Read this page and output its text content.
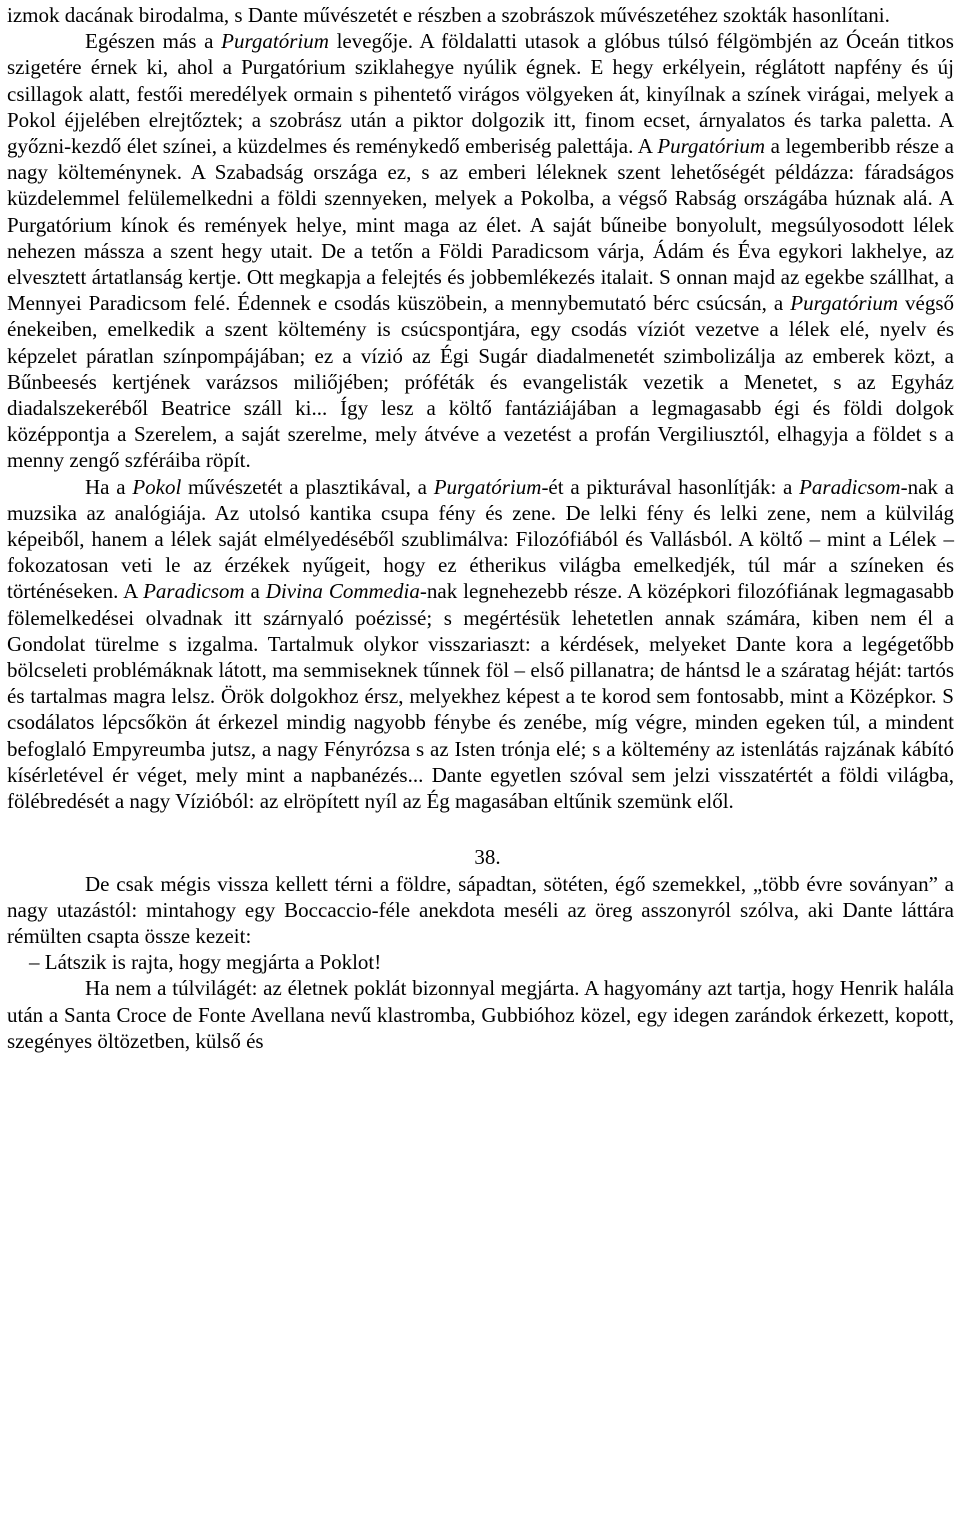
izmok dacának birodalma, s Dante művészetét e részben a szobrászok művészetéhez szokták hasonlítani.

Egészen más a Purgatórium levegője. A földalatti utasok a glóbus túlsó félgömbjén az Óceán titkos szigetére érnek ki, ahol a Purgatórium sziklahegye nyúlik égnek. E hegy erkélyein, réglátott napfény és új csillagok alatt, festői meredélyek ormain s pihentető virágos völgyeken át, kinyílnak a színek virágai, melyek a Pokol éjjelében elrejtőztek; a szobrász után a piktor dolgozik itt, finom ecset, árnyalatos és tarka paletta. A győzni-kezdő élet színei, a küzdelmes és reménykedő emberiség palettája. A Purgatórium a legemberibb része a nagy költeménynek. A Szabadság országa ez, s az emberi léleknek szent lehetőségét példázza: fáradságos küzdelemmel felülemelkedni a földi szennyeken, melyek a Pokolba, a végső Rabság országába húznak alá. A Purgatórium kínok és remények helye, mint maga az élet. A saját bűneibe bonyolult, megsúlyosodott lélek nehezen mássza a szent hegy utait. De a tetőn a Földi Paradicsom várja, Ádám és Éva egykori lakhelye, az elvesztett ártatlanság kertje. Ott megkapja a felejtés és jobbemlékezés italait. S onnan majd az egekbe szállhat, a Mennyei Paradicsom felé. Édennek e csodás küszöbein, a mennybemutató bérc csúcsán, a Purgatórium végső énekeiben, emelkedik a szent költemény is csúcspontjára, egy csodás víziót vezetve a lélek elé, nyelv és képzelet páratlan színpompájában; ez a vízió az Égi Sugár diadalmenetét szimbolizálja az emberek közt, a Bűnbeesés kertjének varázsos miliőjében; próféták és evangelisták vezetik a Menetet, s az Egyház diadalszekeréből Beatrice száll ki... Így lesz a költő fantáziájában a legmagasabb égi és földi dolgok középpontja a Szerelem, a saját szerelme, mely átvéve a vezetést a profán Vergiliusztól, elhagyja a földet s a menny zengő szféráiba röpít.

Ha a Pokol művészetét a plasztikával, a Purgatórium-ét a pikturával hasonlítják: a Paradicsom-nak a muzsika az analógiája. Az utolsó kantika csupa fény és zene. De lelki fény és lelki zene, nem a külvilág képeiből, hanem a lélek saját elmélyedéséből szublimálva: Filozófiából és Vallásból. A költő – mint a Lélek – fokozatosan veti le az érzékek nyűgeit, hogy ez étherikus világba emelkedjék, túl már a színeken és történéseken. A Paradicsom a Divina Commedia-nak legnehezebb része. A középkori filozófiának legmagasabb fölemelkedései olvadnak itt szárnyaló poézissé; s megértésük lehetetlen annak számára, kiben nem él a Gondolat türelme s izgalma. Tartalmuk olykor visszariaszt: a kérdések, melyeket Dante kora a legégetőbb bölcseleti problémáknak látott, ma semmiseknek tűnnek föl – első pillanatra; de hántsd le a száratag héját: tartós és tartalmas magra lelsz. Örök dolgokhoz érsz, melyekhez képest a te korod sem fontosabb, mint a Középkor. S csodálatos lépcsőkön át érkezel mindig nagyobb fénybe és zenébe, míg végre, minden egeken túl, a mindent befoglaló Empyreumba jutsz, a nagy Fényrózsa s az Isten trónja elé; s a költemény az istenlátás rajzának kábító kísérletével ér véget, mely mint a napbanézés... Dante egyetlen szóval sem jelzi visszatértét a földi világba, fölébredését a nagy Vízióból: az elröpített nyíl az Ég magasában eltűnik szemünk elől.

38.

De csak mégis vissza kellett térni a földre, sápadtan, sötéten, égő szemekkel, „több évre soványan” a nagy utazástól: mintahogy egy Boccaccio-féle anekdota meséli az öreg asszonyról szólva, aki Dante láttára rémülten csapta össze kezeit:

– Látszik is rajta, hogy megjárta a Poklot!

Ha nem a túlvilágét: az életnek poklát bizonnyal megjárta. A hagyomány azt tartja, hogy Henrik halála után a Santa Croce de Fonte Avellana nevű klastromba, Gubbióhoz közel, egy idegen zarándok érkezett, kopott, szegényes öltözetben, külső és
